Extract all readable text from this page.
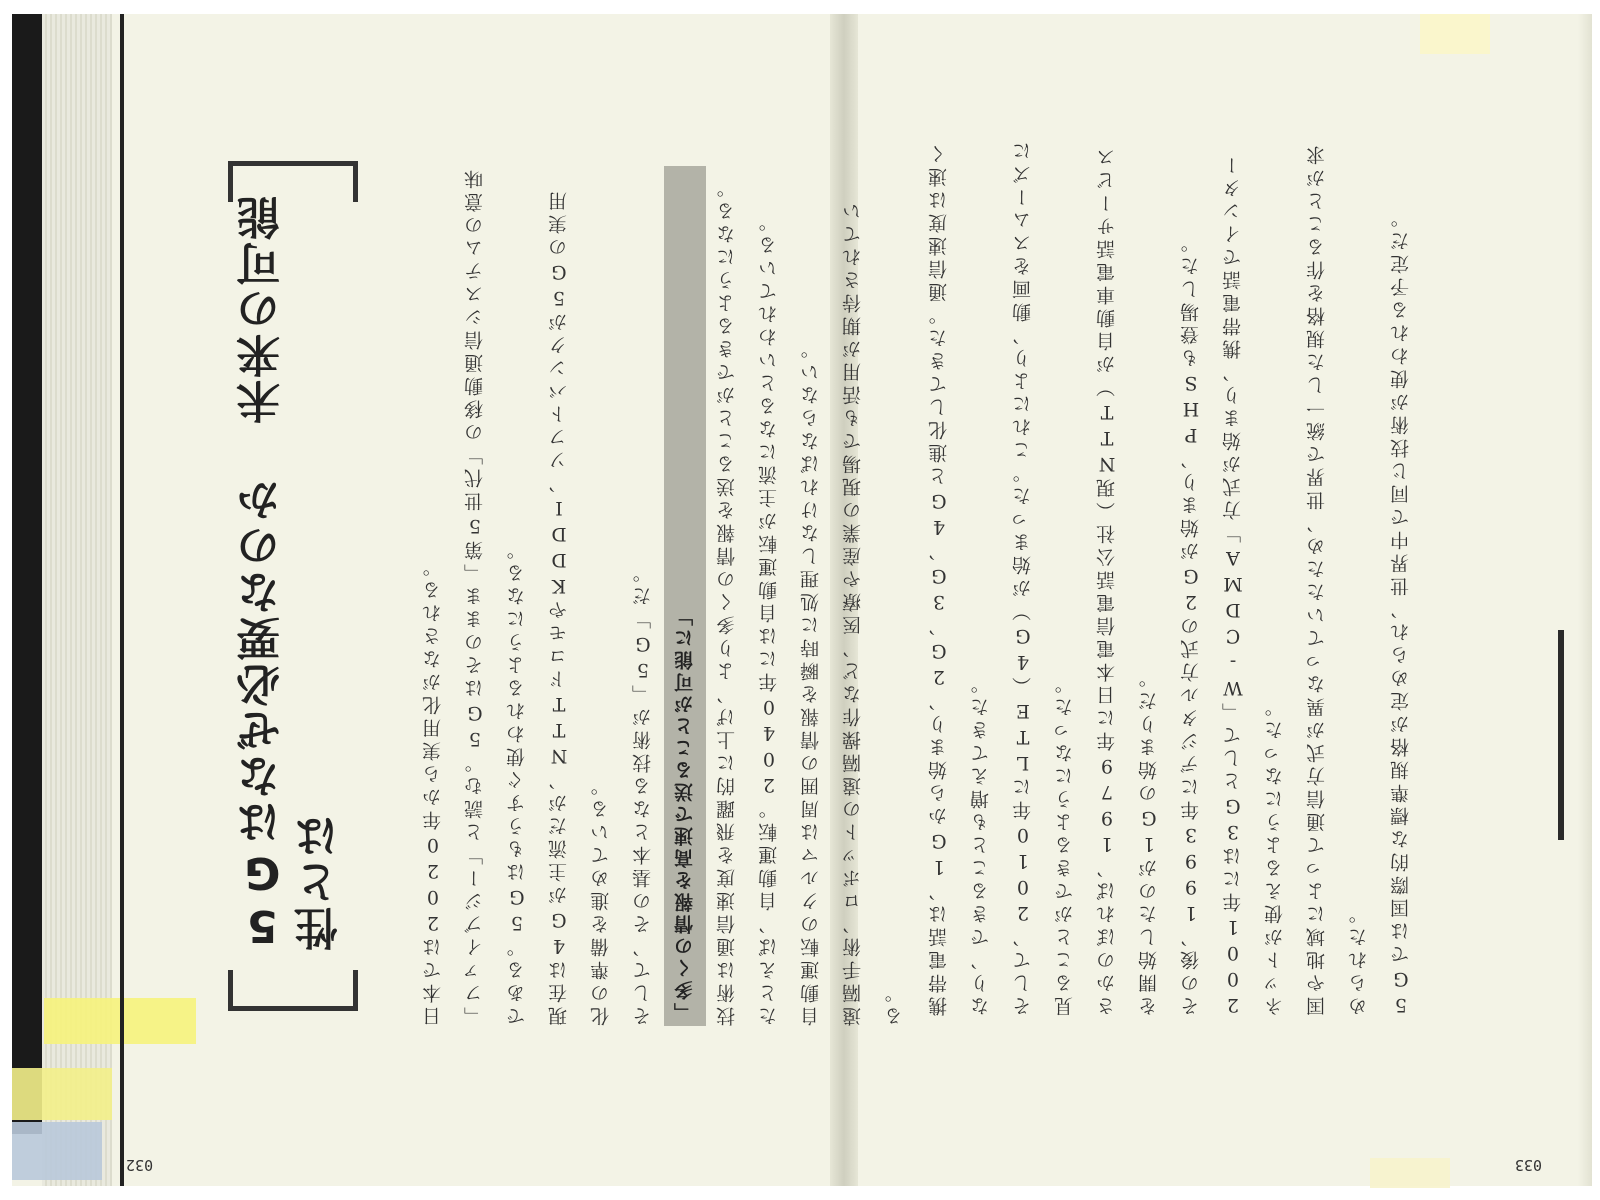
032
5Gはなぜ必要なのか 未来の可能性とは	日本では2020年から実用化がなされる。	「ファイブジー」と読む。5Gはそのまま「第5世代」の移動通信システムの意味である。5Gはもうすぐ使われるようになる。	現在は4Gが主流だが、NTTドコモやKDDI、ソフトバンクが5Gの実用化の準備を進めている。	そして、その基本となる技術が「5G」だ。	「多くの情報を高速で送ることが可能に」	技術は通信速度を飛躍的に上げ、より多くの情報を送ることができるようになる。	たとえば、自動運転。2040年には自動運転が主流になるといわれている。	自動運転のクルマは周囲の情報を瞬時に処理しなければならない。	遠隔手術、ロボットの遠隔操作など、医療や産業の現場でも活用が期待されている。
033
携帯電話は、1Gから始まり、2G、3G、4Gと進化してきた。通信速度は速くなり、できることも増えてきた。	そして、2010年にLTE（4G）が始まった。これにより、動画をスムーズに見ることができるようになった。	さかのぼれば、1979年に日本電信電話公社（現NTT）が自動車電話サービスを開始したのが1Gの始まりだ。	その後、1993年にデジタル方式の2Gが始まり、PHSも登場した。	2001年には3Gとして「W-CDMA」方式が始まり、携帯電話でインターネットが使えるようになった。	国や地域によって通信方式が異なっていたため、世界で統一した規格を作ることが求められた。	5Gでは国際的な標準規格が定められ、世界中で同じ技術が使われる予定だ。
